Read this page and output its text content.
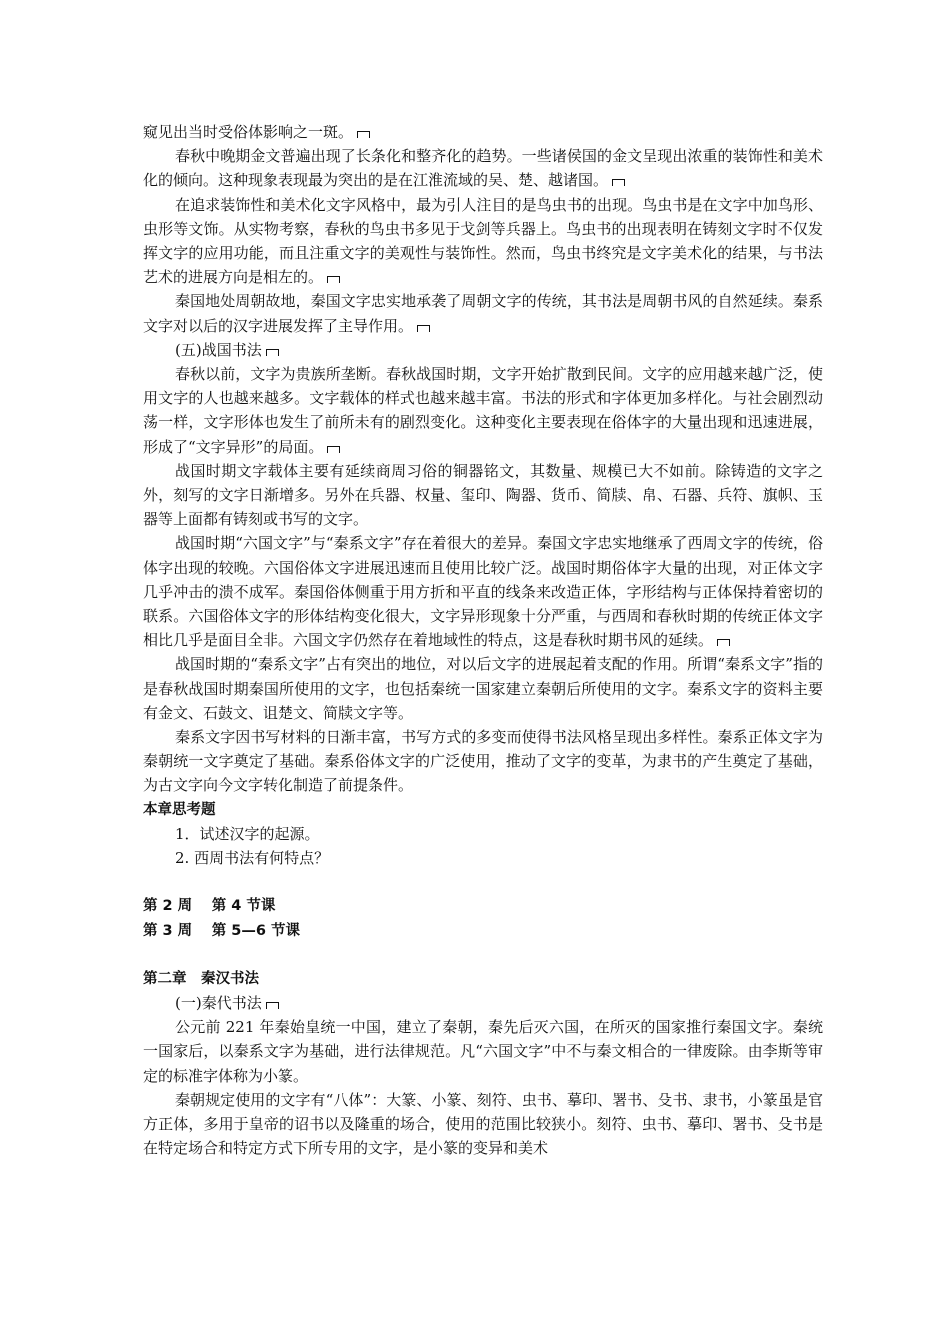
窥见出当时受俗体影响之一斑。

春秋中晚期金文普遍出现了长条化和整齐化的趋势。一些诸侯国的金文呈现出浓重的装饰性和美术化的倾向。这种现象表现最为突出的是在江淮流域的吴、楚、越诸国。

在追求装饰性和美术化文字风格中，最为引人注目的是鸟虫书的出现。鸟虫书是在文字中加鸟形、虫形等文饰。从实物考察，春秋的鸟虫书多见于戈剑等兵器上。鸟虫书的出现表明在铸刻文字时不仅发挥文字的应用功能，而且注重文字的美观性与装饰性。然而，鸟虫书终究是文字美术化的结果，与书法艺术的进展方向是相左的。

秦国地处周朝故地，秦国文字忠实地承袭了周朝文字的传统，其书法是周朝书风的自然延续。秦系文字对以后的汉字进展发挥了主导作用。

(五)战国书法

春秋以前，文字为贵族所垄断。春秋战国时期，文字开始扩散到民间。文字的应用越来越广泛，使用文字的人也越来越多。文字载体的样式也越来越丰富。书法的形式和字体更加多样化。与社会剧烈动荡一样，文字形体也发生了前所未有的剧烈变化。这种变化主要表现在俗体字的大量出现和迅速进展，形成了“文字异形”的局面。

战国时期文字载体主要有延续商周习俗的铜器铭文，其数量、规模已大不如前。除铸造的文字之外，刻写的文字日渐增多。另外在兵器、权量、玺印、陶器、货币、简牍、帛、石器、兵符、旗帜、玉器等上面都有铸刻或书写的文字。

战国时期“六国文字”与“秦系文字”存在着很大的差异。秦国文字忠实地继承了西周文字的传统，俗体字出现的较晚。六国俗体文字进展迅速而且使用比较广泛。战国时期俗体字大量的出现，对正体文字几乎冲击的溃不成军。秦国俗体侧重于用方折和平直的线条来改造正体，字形结构与正体保持着密切的联系。六国俗体文字的形体结构变化很大，文字异形现象十分严重，与西周和春秋时期的传统正体文字相比几乎是面目全非。六国文字仍然存在着地域性的特点，这是春秋时期书风的延续。

战国时期的“秦系文字”占有突出的地位，对以后文字的进展起着支配的作用。所谓“秦系文字”指的是春秋战国时期秦国所使用的文字，也包括秦统一国家建立秦朝后所使用的文字。秦系文字的资料主要有金文、石鼓文、诅楚文、简牍文字等。

秦系文字因书写材料的日渐丰富，书写方式的多变而使得书法风格呈现出多样性。秦系正体文字为秦朝统一文字奠定了基础。秦系俗体文字的广泛使用，推动了文字的变革，为隶书的产生奠定了基础，为古文字向今文字转化制造了前提条件。

本章思考题

1．试述汉字的起源。

2. 西周书法有何特点？

第 2 周　 第 4 节课

第 3 周　 第 5—6 节课

第二章　秦汉书法

(一)秦代书法

公元前 221 年秦始皇统一中国，建立了秦朝，秦先后灭六国，在所灭的国家推行秦国文字。秦统一国家后，以秦系文字为基础，进行法律规范。凡“六国文字”中不与秦文相合的一律废除。由李斯等审定的标准字体称为小篆。

秦朝规定使用的文字有“八体”：大篆、小篆、刻符、虫书、摹印、署书、殳书、隶书，小篆虽是官方正体，多用于皇帝的诏书以及隆重的场合，使用的范围比较狭小。刻符、虫书、摹印、署书、殳书是在特定场合和特定方式下所专用的文字，是小篆的变异和美术
